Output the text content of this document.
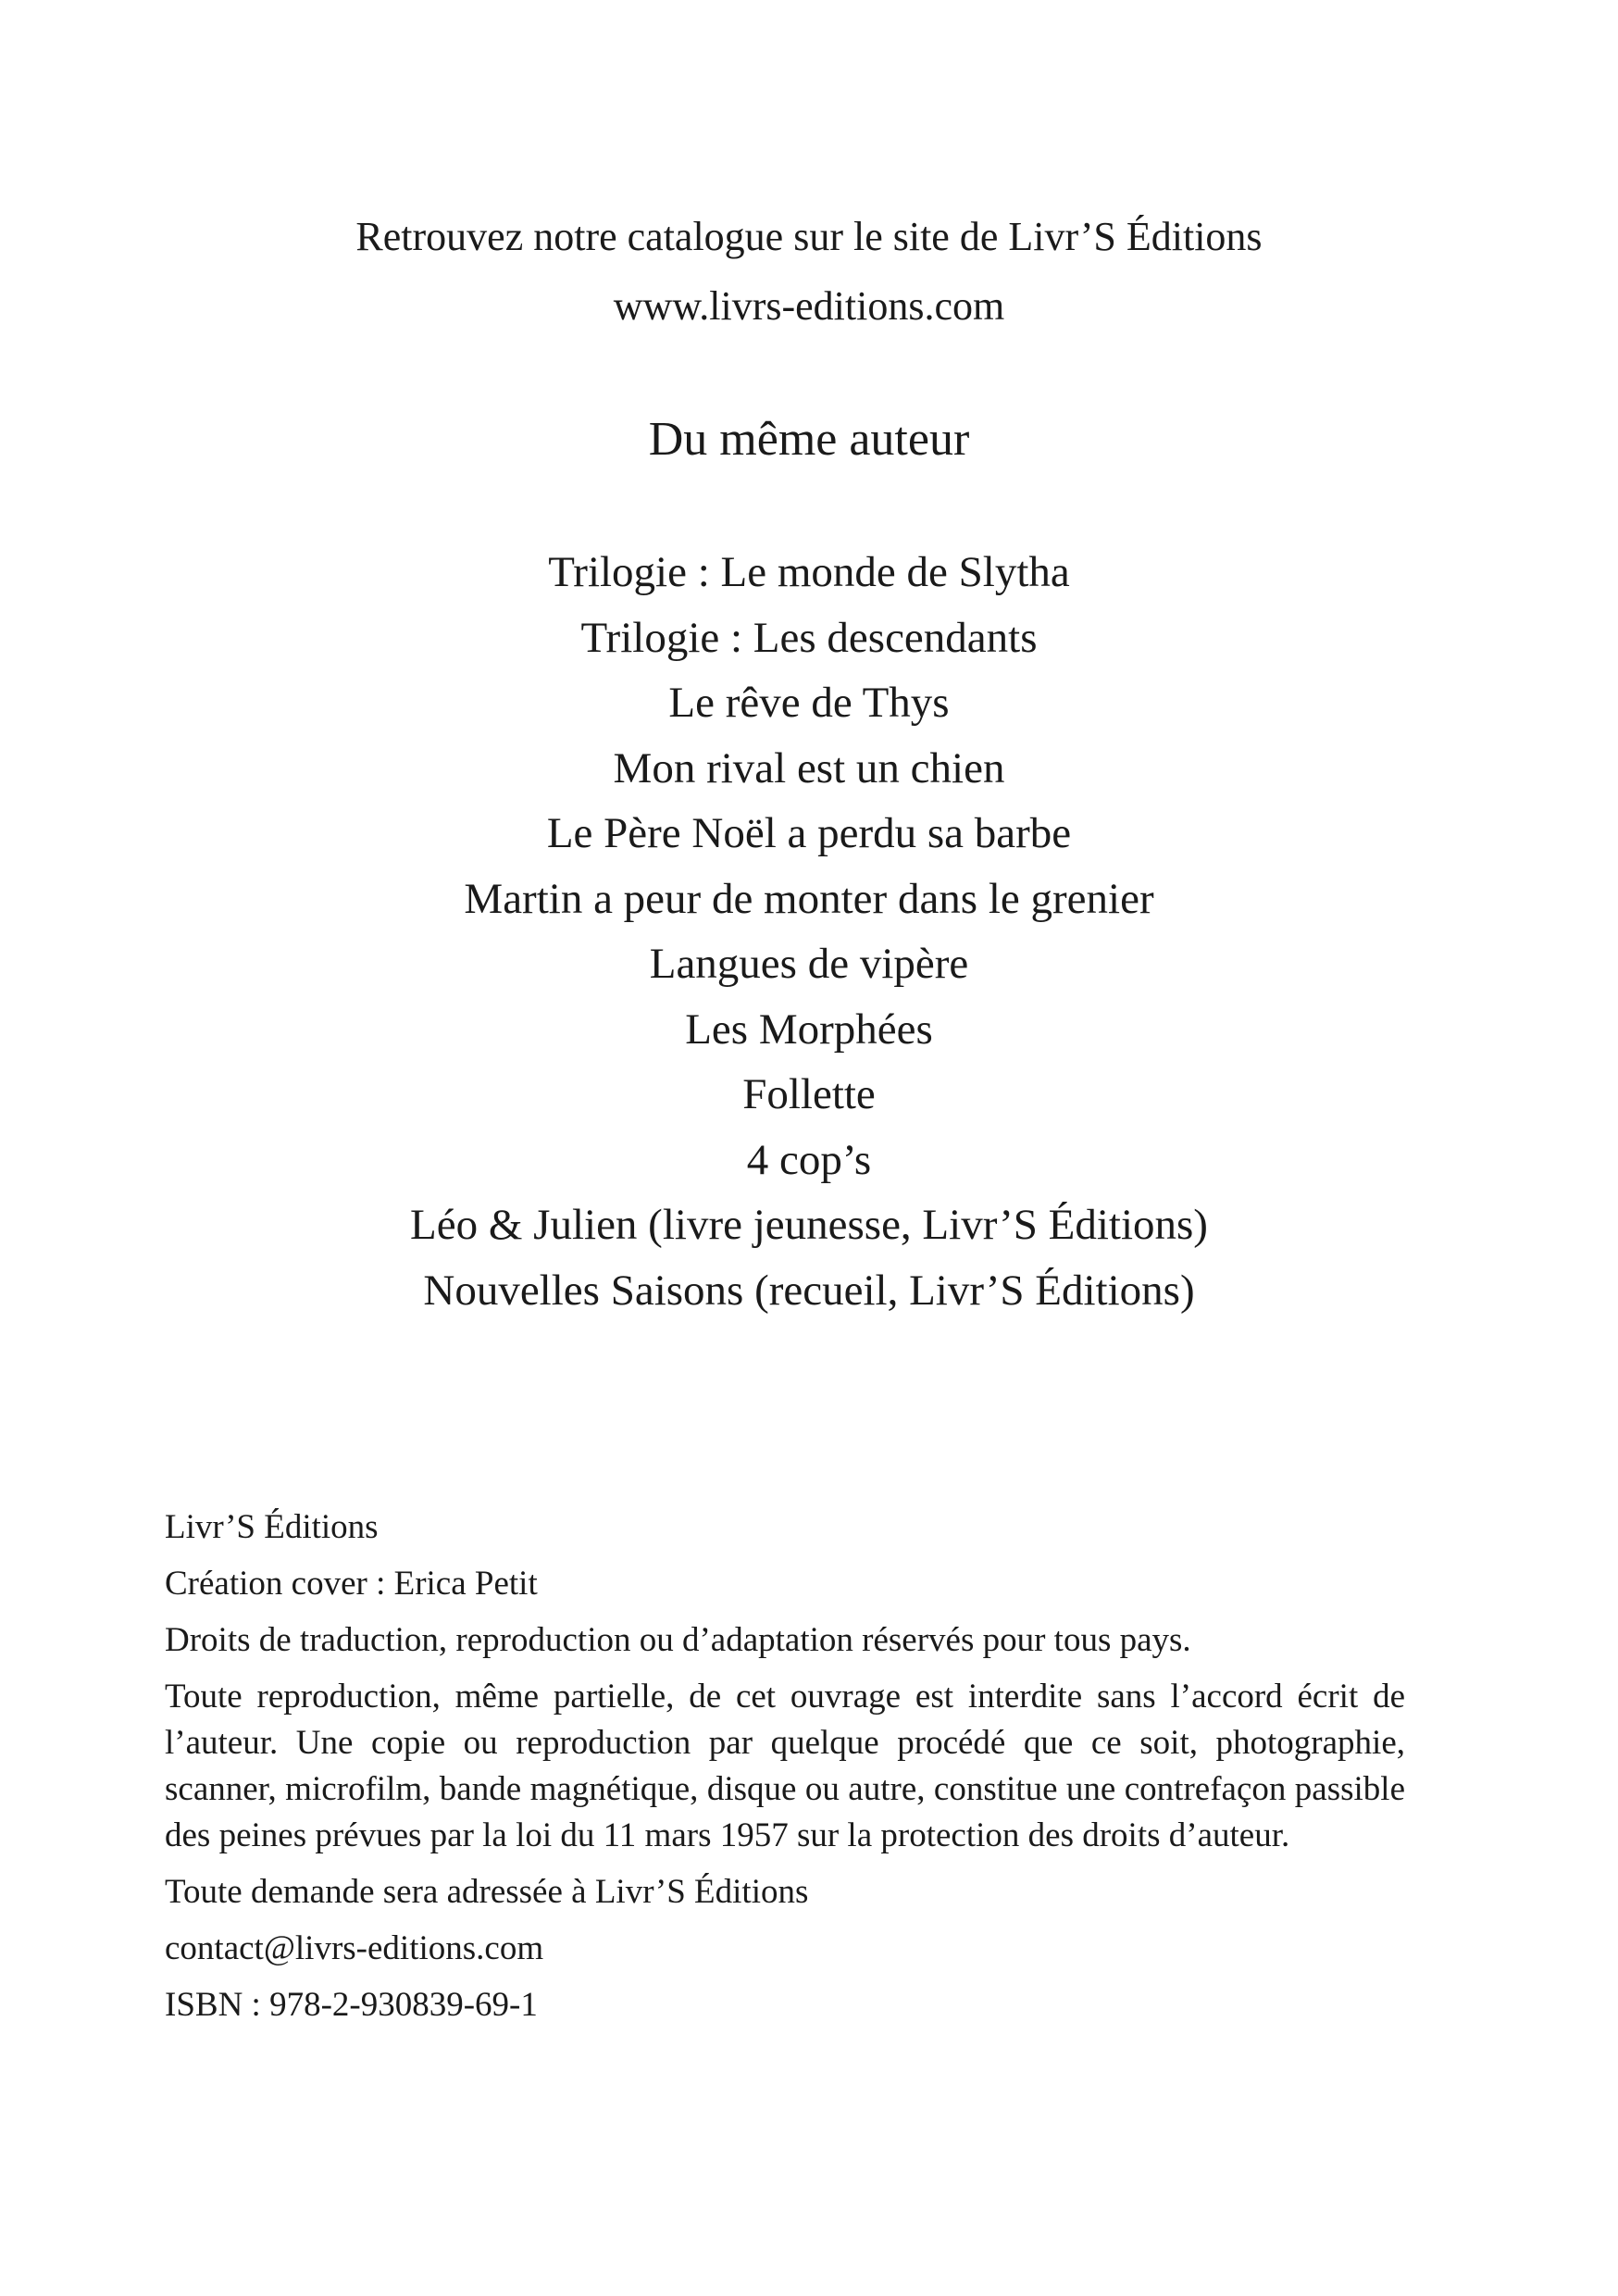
Retrouvez notre catalogue sur le site de Livr’S Éditions
www.livrs-editions.com
Du même auteur
Trilogie : Le monde de Slytha
Trilogie : Les descendants
Le rêve de Thys
Mon rival est un chien
Le Père Noël a perdu sa barbe
Martin a peur de monter dans le grenier
Langues de vipère
Les Morphées
Follette
4 cop’s
Léo & Julien (livre jeunesse, Livr’S Éditions)
Nouvelles Saisons (recueil, Livr’S Éditions)

Livr’S Éditions

Création cover : Erica Petit

Droits de traduction, reproduction ou d’adaptation réservés pour tous pays.

Toute reproduction, même partielle, de cet ouvrage est interdite sans l’accord écrit de l’auteur. Une copie ou reproduction par quelque procédé que ce soit, photographie, scanner, microfilm, bande magnétique, disque ou autre, constitue une contrefaçon passible des peines prévues par la loi du 11 mars 1957 sur la protection des droits d’auteur.

Toute demande sera adressée à Livr’S Éditions

contact@livrs-editions.com

ISBN : 978-2-930839-69-1
